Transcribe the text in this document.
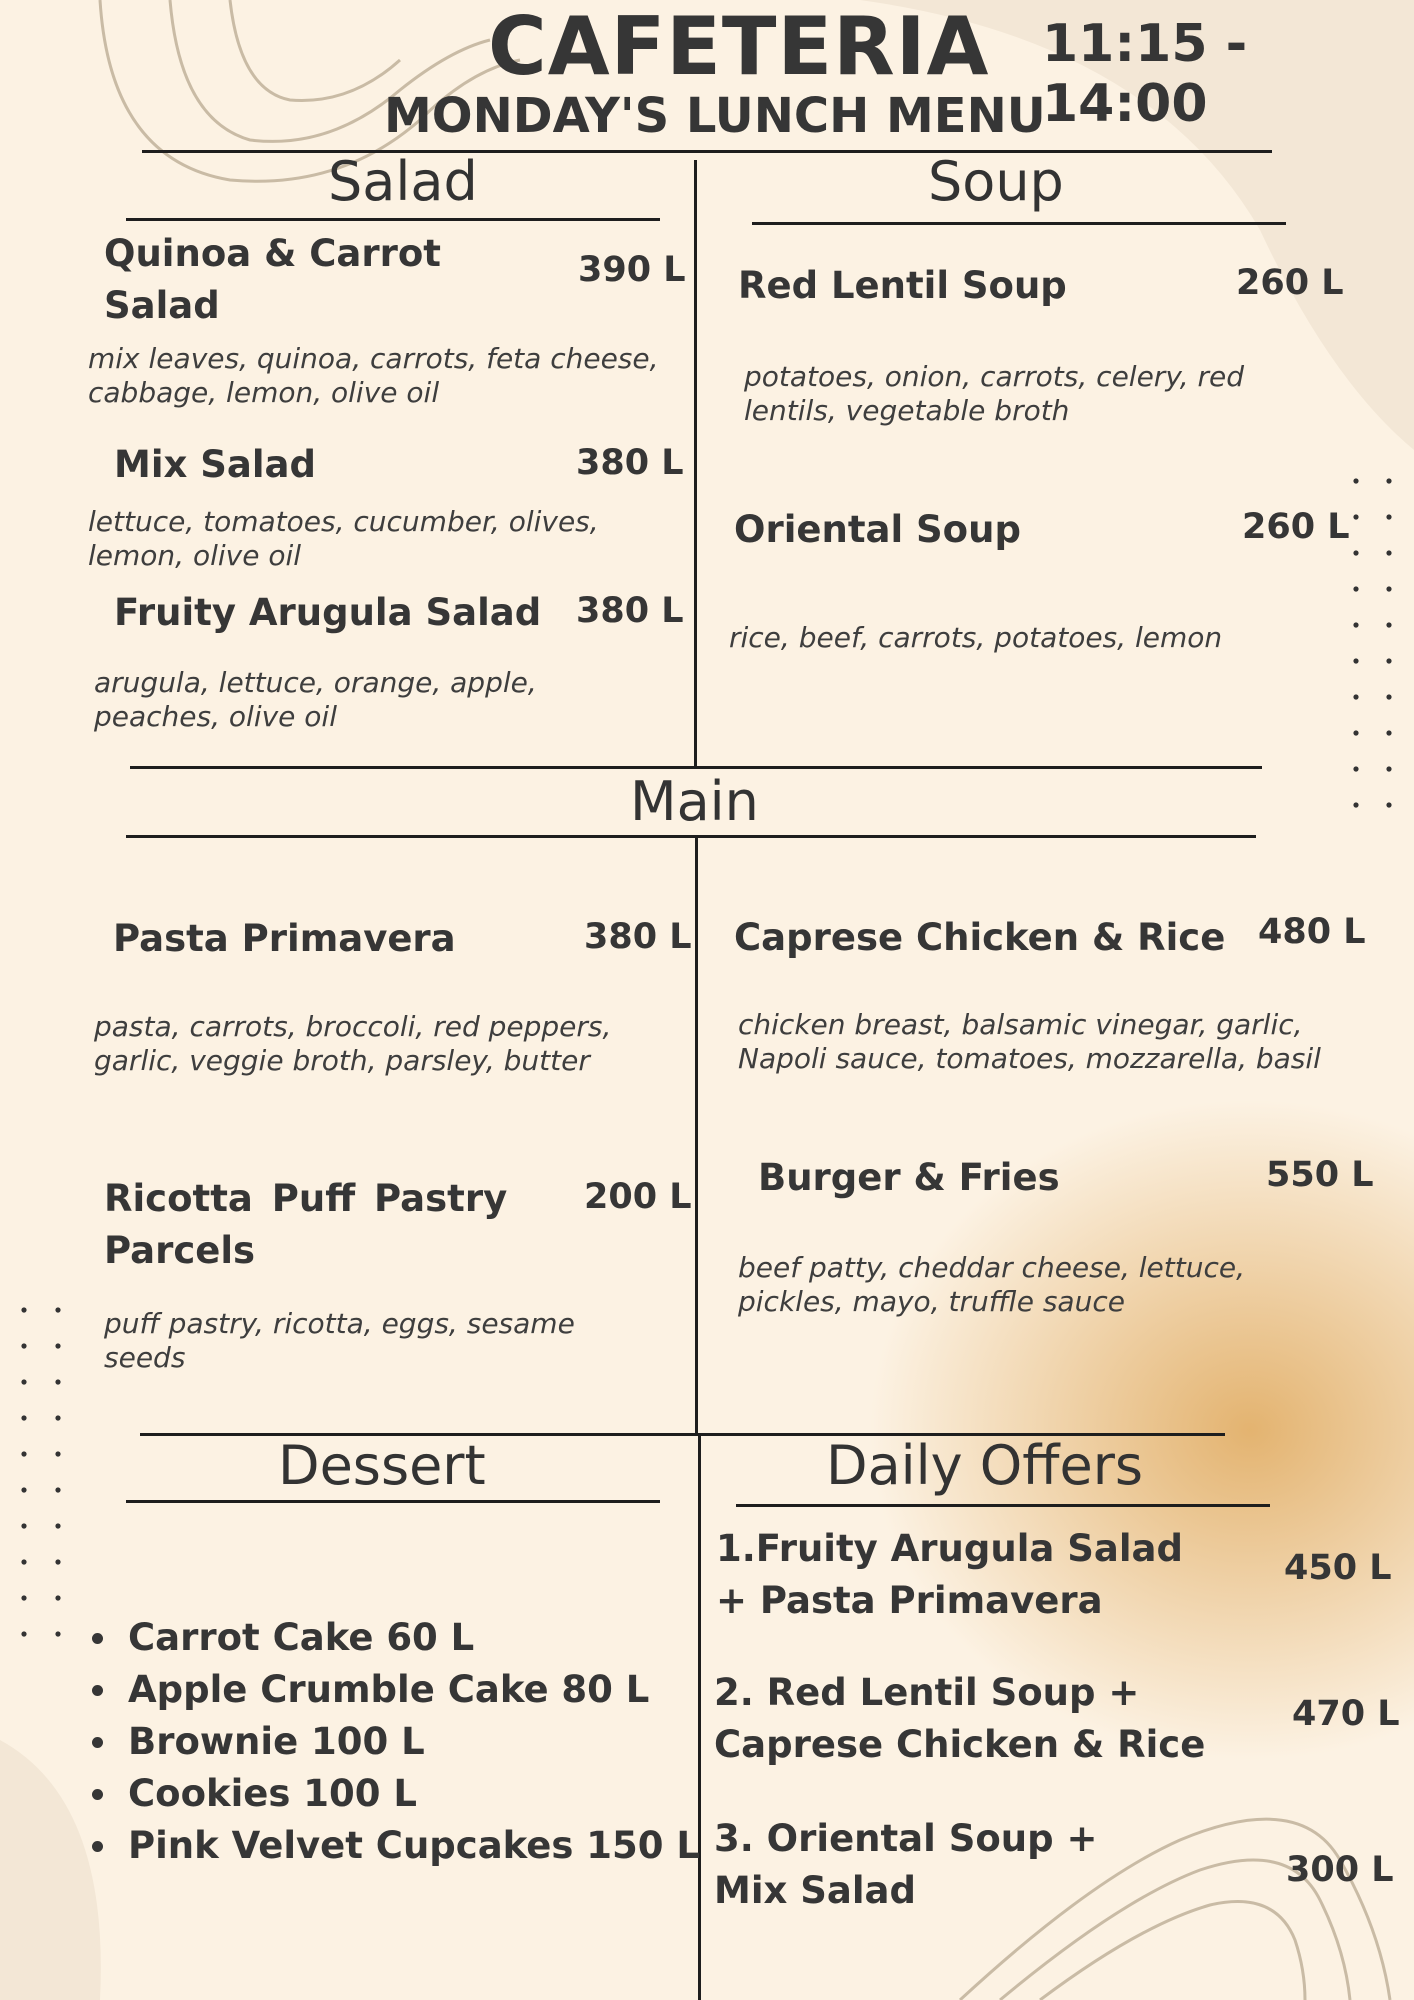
CAFETERIA 11:15 - 14:00
MONDAY'S LUNCH MENU
Salad
Quinoa & Carrot Salad
390 L
mix leaves, quinoa, carrots, feta cheese, cabbage, lemon, olive oil
Mix Salad	380 L
lettuce, tomatoes, cucumber, olives, lemon, olive oil
Fruity Arugula Salad 380 L
arugula, lettuce, orange, apple, peaches, olive oil
Soup
Red Lentil Soup	260 L
potatoes, onion, carrots, celery, red lentils, vegetable broth
Oriental Soup	260 L
rice, beef, carrots, potatoes, lemon
Main
Pasta Primavera	380 L
pasta, carrots, broccoli, red peppers, garlic, veggie broth, parsley, butter
Caprese Chicken & Rice 480 L
chicken breast, balsamic vinegar, garlic, Napoli sauce, tomatoes, mozzarella, basil
Ricotta Puff Pastry Parcels
200 L
puff pastry, ricotta, eggs, sesame seeds
Burger & Fries	550 L
beef patty, cheddar cheese, lettuce, pickles, mayo, truffle sauce
Dessert
Carrot Cake 60 L
Apple Crumble Cake 80 L
Brownie 100 L
Cookies 100 L
Pink Velvet Cupcakes 150 L
Daily Offers
1.Fruity Arugula Salad + Pasta Primavera
450 L
2. Red Lentil Soup + Caprese Chicken & Rice
470 L
3. Oriental Soup + Mix Salad	300 L
